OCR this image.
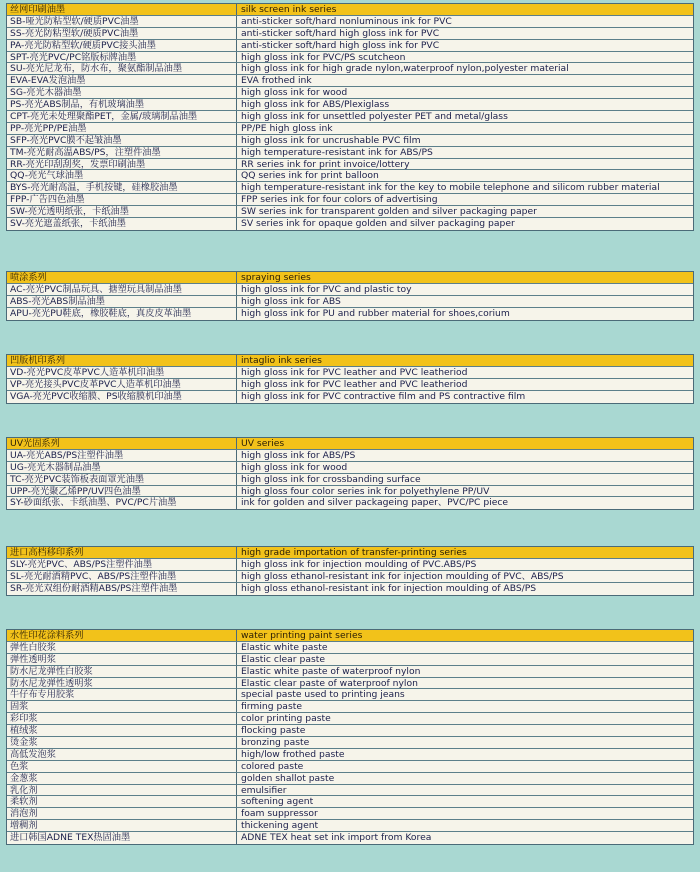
丝网印刷油墨	silk screen ink series
SB-哑光防粘型软/硬质PVC油墨	anti-sticker soft/hard nonluminous ink for PVC
SS-亮光防粘型软/硬质PVC油墨	anti-sticker soft/hard high gloss ink for PVC
PA-亮光防粘型软/硬质PVC接头油墨	anti-sticker soft/hard high gloss ink for PVC
SPT-亮光PVC/PC铭版标牌油墨	high gloss ink for PVC/PS scutcheon
SU-亮光尼龙布，防水布，聚氨酯制品油墨	high gloss ink for high grade nylon,waterproof nylon,polyester material
EVA-EVA发泡油墨	EVA frothed ink
SG-亮光木器油墨	high gloss ink for wood
PS-亮光ABS制品，有机玻璃油墨	high gloss ink for ABS/Plexiglass
CPT-亮光未处理聚酯PET，金属/玻璃制品油墨	high gloss ink for unsettled polyester PET and metal/glass
PP-亮光PP/PE油墨	PP/PE high gloss ink
SFP-亮光PVC膜不起皱油墨	high gloss ink for uncrushable PVC film
TM-亮光耐高温ABS/PS，注塑件油墨	high temperature-resistant ink for ABS/PS
RR-亮光印刮刮奖，发票印刷油墨	RR series ink for print invoice/lottery
QQ-亮光气球油墨	QQ series ink for print balloon
BYS-亮光耐高温，手机按键，硅橡胶油墨	high temperature-resistant ink for the key to mobile telephone and silicom rubber material
FPP-广告四色油墨	FPP series ink for four colors of advertising
SW-亮光透明纸张，卡纸油墨	SW series ink for transparent golden and silver packaging paper
SV-亮光遮盖纸张，卡纸油墨	SV series ink for opaque golden and silver packaging paper
喷涂系列	spraying series
AC-亮光PVC制品玩具、搪塑玩具制品油墨	high gloss ink for PVC and plastic toy
ABS-亮光ABS制品油墨	high gloss ink for ABS
APU-亮光PU鞋底，橡胶鞋底，真皮皮革油墨	high gloss ink for PU and rubber material for shoes,corium
凹版机印系列	intaglio ink series
VD-亮光PVC皮革PVC人造革机印油墨	high gloss ink for PVC leather and PVC leatheriod
VP-亮光接头PVC皮革PVC人造革机印油墨	high gloss ink for PVC leather and PVC leatheriod
VGA-亮光PVC收缩膜、PS收缩膜机印油墨	high gloss ink for PVC contractive film and PS contractive film
UV光固系列	UV series
UA-亮光ABS/PS注塑件油墨	high gloss ink for ABS/PS
UG-亮光木器制品油墨	high gloss ink for wood
TC-亮光PVC装饰板表面罩光油墨	high gloss ink for crossbanding surface
UPP-亮光聚乙烯PP/UV四色油墨	high gloss four color series ink for polyethylene PP/UV
SY-砂面纸张、卡纸油墨、PVC/PC片油墨	ink for golden and silver packageing paper、PVC/PC piece
进口高档移印系列	high grade importation of transfer-printing series
SLY-亮光PVC、ABS/PS注塑件油墨	high gloss ink for injection moulding of PVC.ABS/PS
SL-亮光耐酒精PVC、ABS/PS注塑件油墨	high gloss ethanol-resistant ink for injection moulding of PVC、ABS/PS
SR-亮光双组份耐酒精ABS/PS注塑件油墨	high gloss ethanol-resistant ink for injection moulding of ABS/PS
水性印花涂料系列	water printing paint series
弹性白胶浆	Elastic white paste
弹性透明浆	Elastic clear paste
防水尼龙弹性白胶浆	Elastic white paste of waterproof nylon
防水尼龙弹性透明浆	Elastic clear paste of waterproof nylon
牛仔布专用胶浆	special paste used to printing jeans
固浆	firming paste
彩印浆	color printing paste
植绒浆	flocking paste
烫金浆	bronzing paste
高低发泡浆	high/low frothed paste
色浆	colored paste
金葱浆	golden shallot paste
乳化剂	emulsifier
柔软剂	softening agent
消泡剂	foam suppressor
增稠剂	thickening agent
进口韩国ADNE TEX热固油墨	ADNE TEX heat set ink import from Korea
